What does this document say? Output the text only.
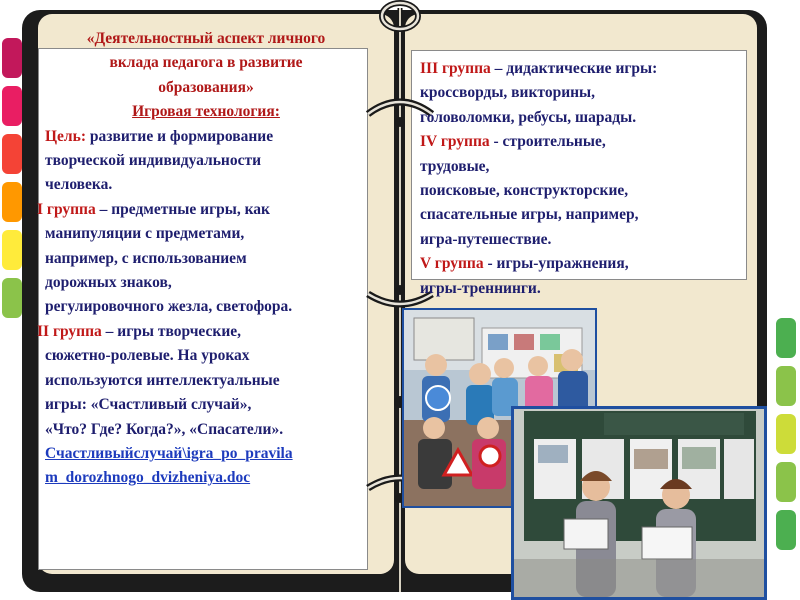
«Деятельностный аспект личного
вклада педагога в развитие
образования»
Игровая технология:
Цель: развитие и формирование
творческой индивидуальности
человека.
I группа – предметные игры, как
манипуляции с предметами,
например, с использованием
дорожных знаков,
регулировочного жезла, светофора.
II группа – игры творческие,
сюжетно-ролевые. На уроках
используются интеллектуальные
игры: «Счастливый случай»,
«Что? Где? Когда?», «Спасатели».
Счастливыйслучай\igra_po_pravila
m_dorozhnogo_dvizheniya.doc
III группа – дидактические игры:
кроссворды, викторины,
головоломки, ребусы, шарады.
IV группа - строительные,
трудовые,
поисковые, конструкторские,
спасательные игры, например,
игра-путешествие.
V группа - игры-упражнения,
игры-треннинги.
